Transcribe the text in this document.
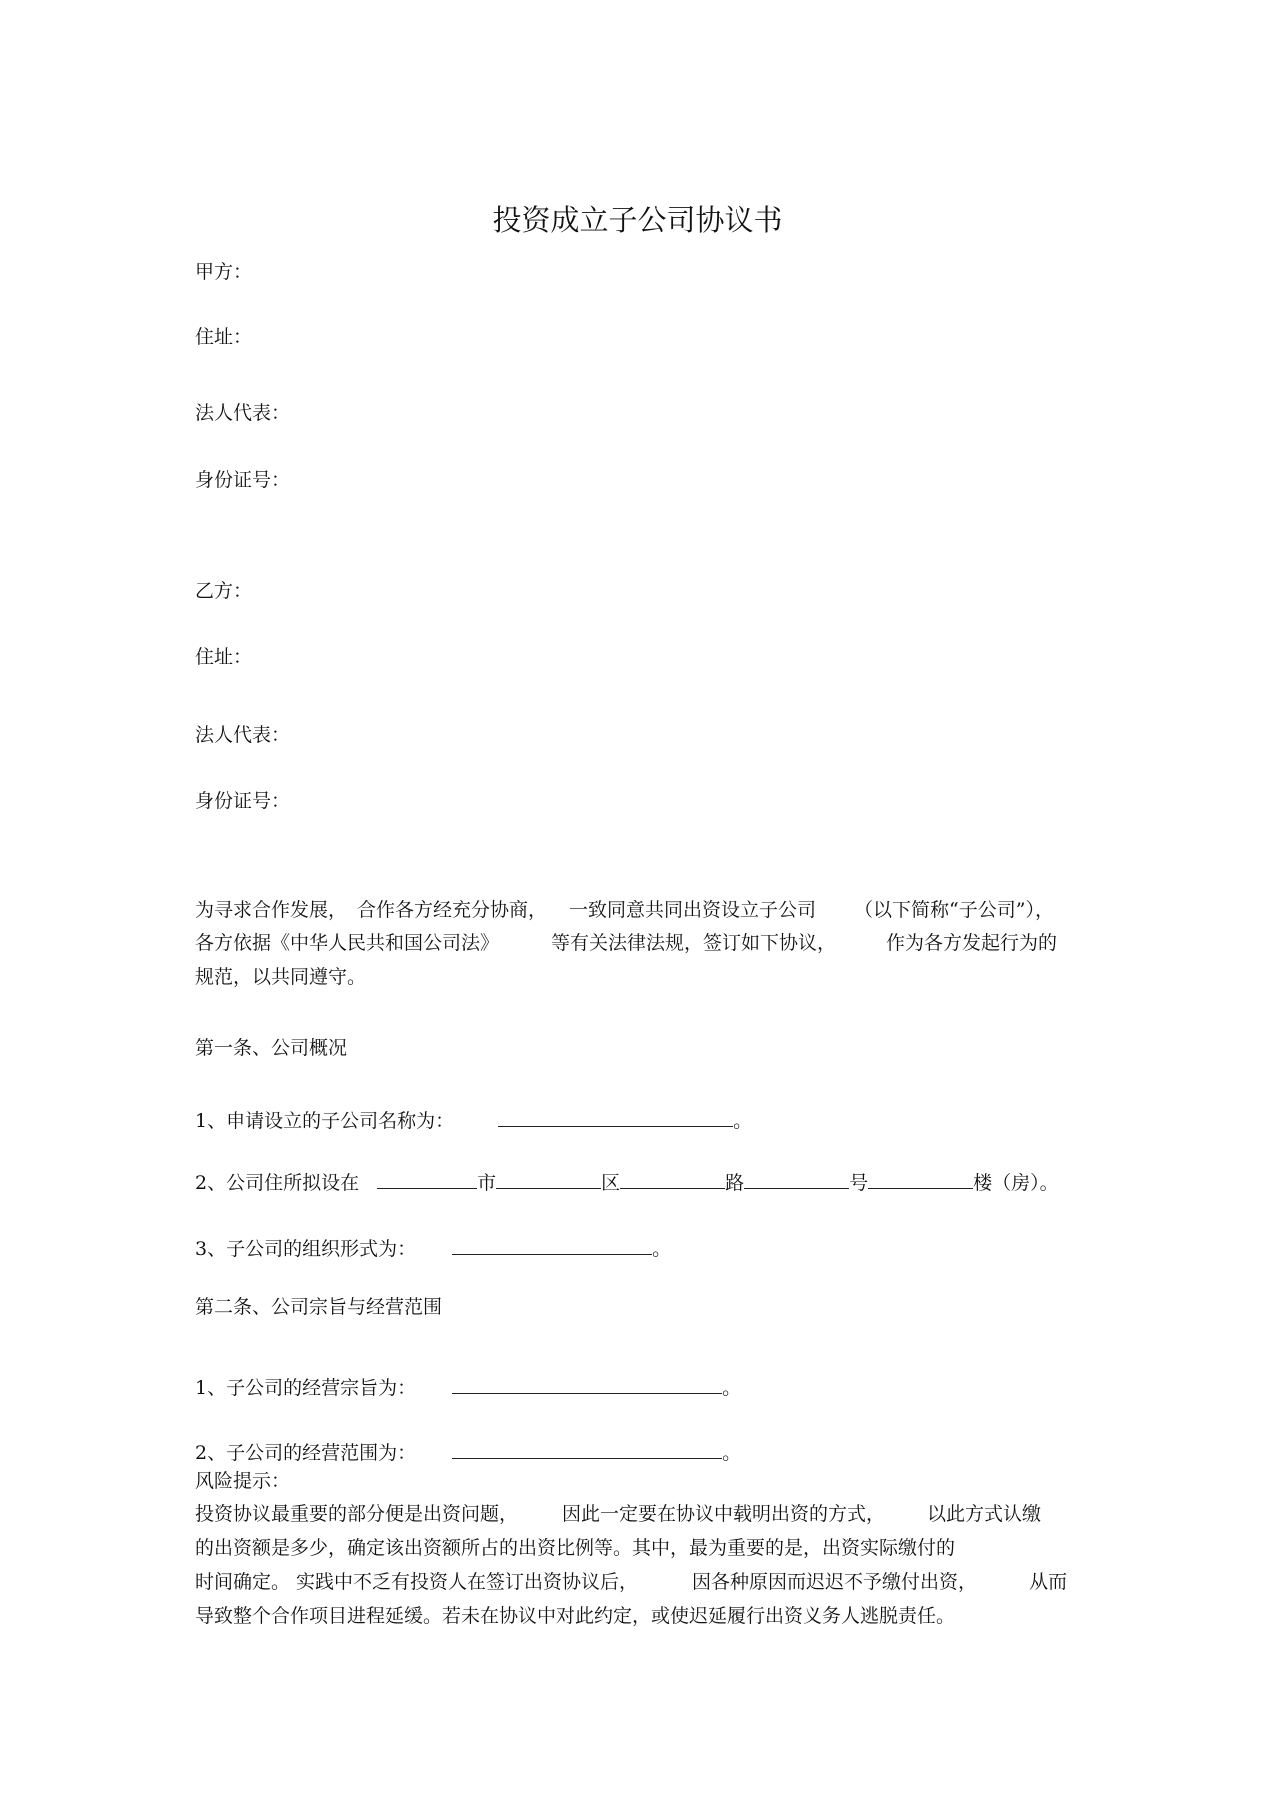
投资成立子公司协议书
甲方：
住址：
法人代表：
身份证号：
乙方：
住址：
法人代表：
身份证号：
为寻求合作发展， 合作各方经充分协商， 一致同意共同出资设立子公司 （以下简称“子公司”），
各方依据《中华人民共和国公司法》	等有关法律法规，签订如下协议，	作为各方发起行为的
规范，以共同遵守。
第一条、公司概况
1、申请设立的子公司名称为：	。
2、公司住所拟设在	市	区	路	号	楼（房）。
3、子公司的组织形式为：	。
第二条、公司宗旨与经营范围
1、子公司的经营宗旨为：	。
2、子公司的经营范围为：	。
风险提示：
投资协议最重要的部分便是出资问题， 因此一定要在协议中载明出资的方式， 以此方式认缴
的出资额是多少，确定该出资额所占的出资比例等。其中，最为重要的是，出资实际缴付的
时间确定。 实践中不乏有投资人在签订出资协议后，	因各种原因而迟迟不予缴付出资，	从而
导致整个合作项目进程延缓。若未在协议中对此约定，或使迟延履行出资义务人逃脱责任。
